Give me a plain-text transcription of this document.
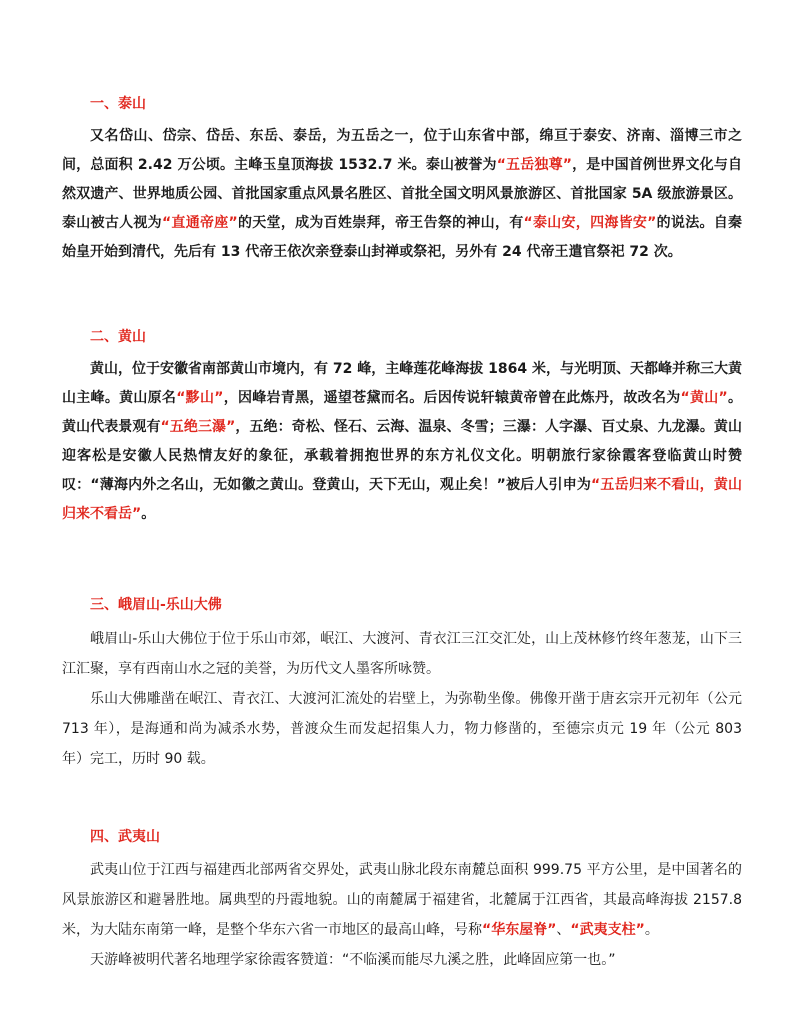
一、泰山

又名岱山、岱宗、岱岳、东岳、泰岳，为五岳之一，位于山东省中部，绵亘于泰安、济南、淄博三市之间，总面积 2.42 万公顷。主峰玉皇顶海拔 1532.7 米。泰山被誉为“五岳独尊”，是中国首例世界文化与自然双遗产、世界地质公园、首批国家重点风景名胜区、首批全国文明风景旅游区、首批国家 5A 级旅游景区。泰山被古人视为“直通帝座”的天堂，成为百姓崇拜，帝王告祭的神山，有“泰山安，四海皆安”的说法。自秦始皇开始到清代，先后有 13 代帝王依次亲登泰山封禅或祭祀，另外有 24 代帝王遣官祭祀 72 次。

二、黄山

黄山，位于安徽省南部黄山市境内，有 72 峰，主峰莲花峰海拔 1864 米，与光明顶、天都峰并称三大黄山主峰。黄山原名“黟山”，因峰岩青黑，遥望苍黛而名。后因传说轩辕黄帝曾在此炼丹，故改名为“黄山”。黄山代表景观有“五绝三瀑”，五绝：奇松、怪石、云海、温泉、冬雪；三瀑：人字瀑、百丈泉、九龙瀑。黄山迎客松是安徽人民热情友好的象征，承载着拥抱世界的东方礼仪文化。明朝旅行家徐霞客登临黄山时赞叹：“薄海内外之名山，无如徽之黄山。登黄山，天下无山，观止矣！”被后人引申为“五岳归来不看山，黄山归来不看岳”。

三、峨眉山-乐山大佛

峨眉山-乐山大佛位于位于乐山市郊，岷江、大渡河、青衣江三江交汇处，山上茂林修竹终年葱茏，山下三江汇聚，享有西南山水之冠的美誉，为历代文人墨客所咏赞。

乐山大佛雕凿在岷江、青衣江、大渡河汇流处的岩壁上，为弥勒坐像。佛像开凿于唐玄宗开元初年（公元 713 年），是海通和尚为减杀水势，普渡众生而发起招集人力，物力修凿的，至德宗贞元 19 年（公元 803 年）完工，历时 90 载。

四、武夷山

武夷山位于江西与福建西北部两省交界处，武夷山脉北段东南麓总面积 999.75 平方公里，是中国著名的风景旅游区和避暑胜地。属典型的丹霞地貌。山的南麓属于福建省，北麓属于江西省，其最高峰海拔 2157.8 米，为大陆东南第一峰，是整个华东六省一市地区的最高山峰，号称“华东屋脊”、“武夷支柱”。

天游峰被明代著名地理学家徐霞客赞道：“不临溪而能尽九溪之胜，此峰固应第一也。”
